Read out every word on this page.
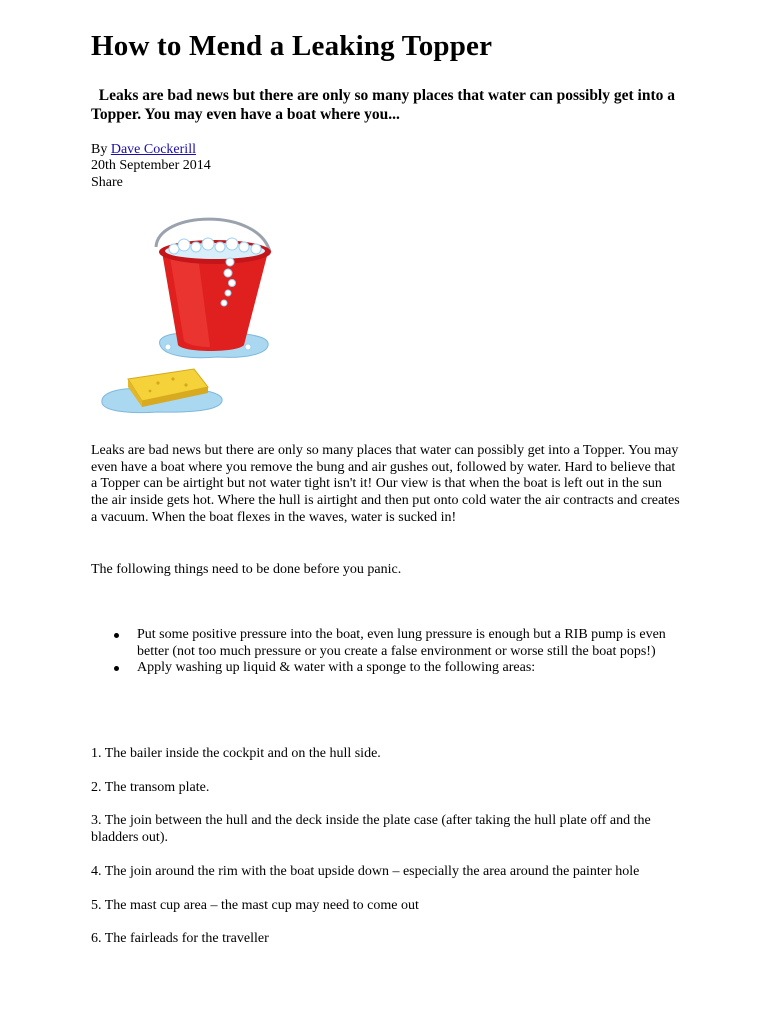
How to Mend a Leaking Topper

Leaks are bad news but there are only so many places that water can possibly get into a Topper. You may even have a boat where you...

By Dave Cockerill
20th September 2014
Share

Leaks are bad news but there are only so many places that water can possibly get into a Topper. You may even have a boat where you remove the bung and air gushes out, followed by water. Hard to believe that a Topper can be airtight but not water tight isn't it! Our view is that when the boat is left out in the sun the air inside gets hot. Where the hull is airtight and then put onto cold water the air contracts and creates a vacuum. When the boat flexes in the waves, water is sucked in!

The following things need to be done before you panic.

Put some positive pressure into the boat, even lung pressure is enough but a RIB pump is even better (not too much pressure or you create a false environment or worse still the boat pops!)
Apply washing up liquid & water with a sponge to the following areas:
1. The bailer inside the cockpit and on the hull side.
2. The transom plate.
3. The join between the hull and the deck inside the plate case (after taking the hull plate off and the bladders out).
4. The join around the rim with the boat upside down – especially the area around the painter hole
5. The mast cup area – the mast cup may need to come out
6. The fairleads for the traveller
